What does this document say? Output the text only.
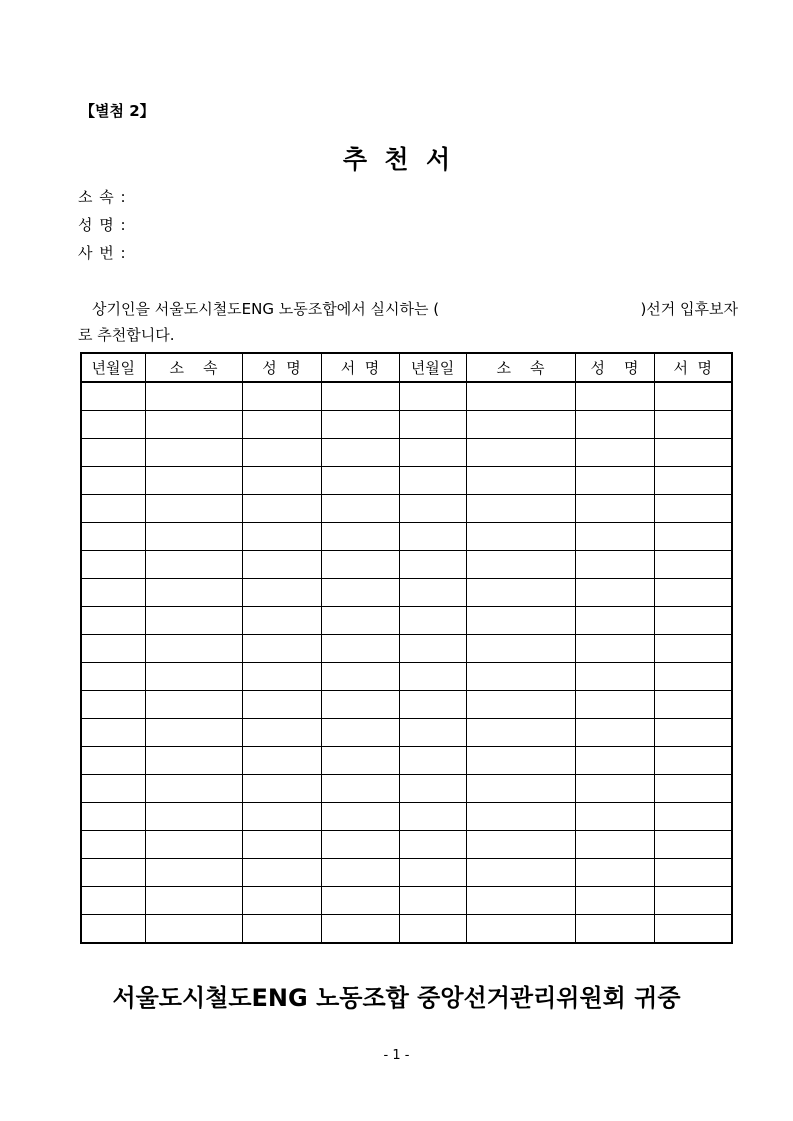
【별첨 2】
추  천  서
소 속 :
성 명 :
사 번 :
상기인을 서울도시철도ENG 노동조합에서 실시하는 (	)선거 입후보자
로 추천합니다.
년월일	소    속	성  명	서  명	년월일	소    속	성    명	서  명

서울도시철도ENG 노동조합 중앙선거관리위원회 귀중
- 1 -
